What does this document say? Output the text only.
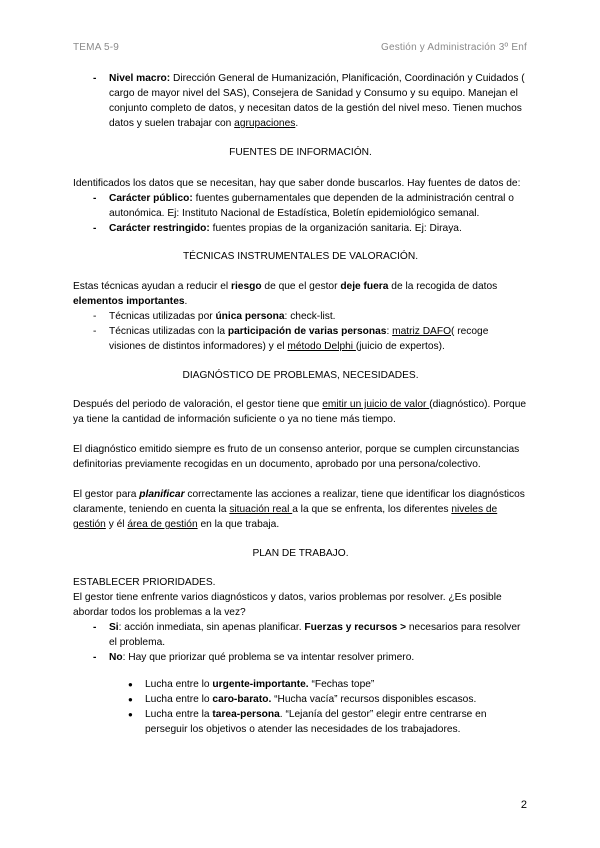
TEMA 5-9	Gestión y Administración 3º Enf
- Nivel macro: Dirección General de Humanización, Planificación, Coordinación y Cuidados ( cargo de mayor nivel del SAS), Consejera de Sanidad y Consumo y su equipo. Manejan el conjunto completo de datos, y necesitan datos de la gestión del nivel meso. Tienen muchos datos y suelen trabajar con agrupaciones.

FUENTES DE INFORMACIÓN.

Identificados los datos que se necesitan, hay que saber donde buscarlos. Hay fuentes de datos de:

- Carácter público: fuentes gubernamentales que dependen de la administración central o autonómica. Ej: Instituto Nacional de Estadística, Boletín epidemiológico semanal.
- Carácter restringido: fuentes propias de la organización sanitaria. Ej: Diraya.

TÉCNICAS INSTRUMENTALES DE VALORACIÓN.

Estas técnicas ayudan a reducir el riesgo de que el gestor deje fuera de la recogida de datos elementos importantes.

- Técnicas utilizadas por única persona: check-list.
- Técnicas utilizadas con la participación de varias personas: matriz DAFO( recoge visiones de distintos informadores) y el método Delphi (juicio de expertos).

DIAGNÓSTICO DE PROBLEMAS, NECESIDADES.

Después del periodo de valoración, el gestor tiene que emitir un juicio de valor (diagnóstico). Porque ya tiene la cantidad de información suficiente o ya no tiene más tiempo.

El diagnóstico emitido siempre es fruto de un consenso anterior, porque se cumplen circunstancias definitorias previamente recogidas en un documento, aprobado por una persona/colectivo.

El gestor para planificar correctamente las acciones a realizar, tiene que identificar los diagnósticos claramente, teniendo en cuenta la situación real a la que se enfrenta, los diferentes niveles de gestión y él área de gestión en la que trabaja.

PLAN DE TRABAJO.

ESTABLECER PRIORIDADES.

El gestor tiene enfrente varios diagnósticos y datos, varios problemas por resolver. ¿Es posible abordar todos los problemas a la vez?

- Si: acción inmediata, sin apenas planificar. Fuerzas y recursos > necesarios para resolver el problema.
- No: Hay que priorizar qué problema se va intentar resolver primero.
● Lucha entre lo urgente-importante. “Fechas tope”
● Lucha entre lo caro-barato. “Hucha vacía” recursos disponibles escasos.
● Lucha entre la tarea-persona. “Lejanía del gestor” elegir entre centrarse en perseguir los objetivos o atender las necesidades de los trabajadores.
2
